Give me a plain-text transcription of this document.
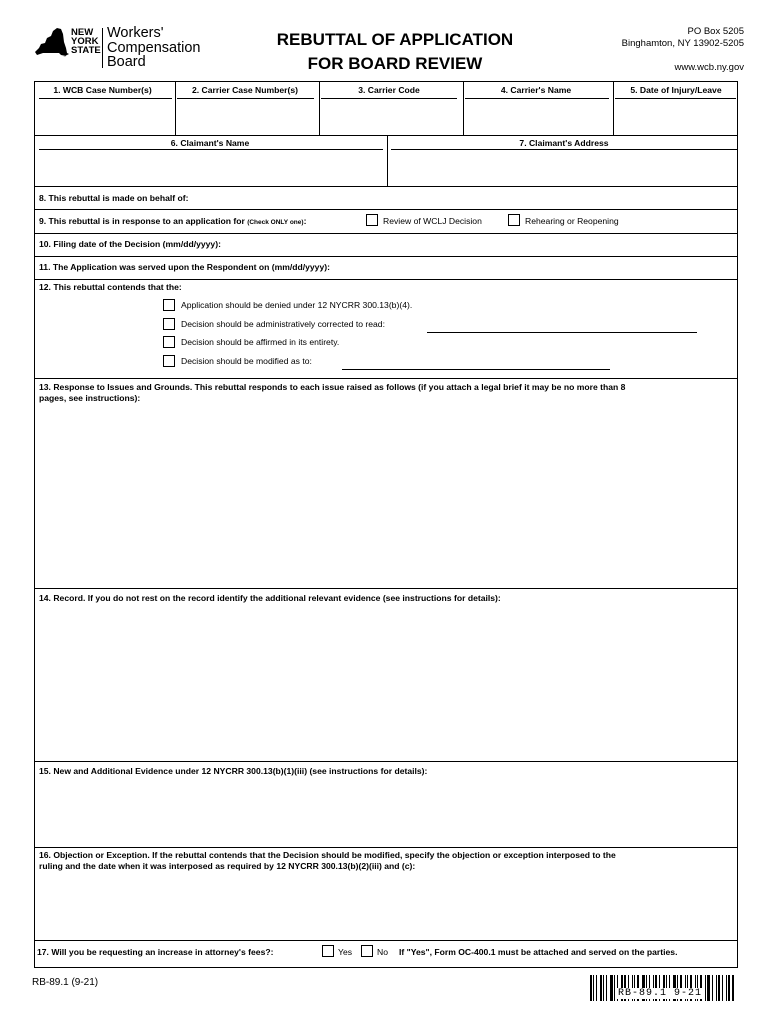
NEW
YORK
STATE
Workers'
Compensation
Board
REBUTTAL OF APPLICATION
FOR BOARD REVIEW
PO Box 5205
Binghamton, NY 13902-5205
www.wcb.ny.gov
1. WCB Case Number(s)	2. Carrier Case Number(s)	3. Carrier Code	4. Carrier's Name	5. Date of Injury/Leave
6. Claimant's Name	7. Claimant's Address
8. This rebuttal is made on behalf of:
9. This rebuttal is in response to an application for (Check ONLY one):	Review of WCLJ Decision	Rehearing or Reopening
10. Filing date of the Decision (mm/dd/yyyy):
11. The Application was served upon the Respondent on (mm/dd/yyyy):
12. This rebuttal contends that the:
Application should be denied under 12 NYCRR 300.13(b)(4).
Decision should be administratively corrected to read:
Decision should be affirmed in its entirety.
Decision should be modified as to:
13. Response to Issues and Grounds. This rebuttal responds to each issue raised as follows (if you attach a legal brief it may be no more than 8
pages, see instructions):
14. Record. If you do not rest on the record identify the additional relevant evidence (see instructions for details):
15. New and Additional Evidence under 12 NYCRR 300.13(b)(1)(iii) (see instructions for details):
16. Objection or Exception. If the rebuttal contends that the Decision should be modified, specify the objection or exception interposed to the
ruling and the date when it was interposed as required by 12 NYCRR 300.13(b)(2)(iii) and (c):
17. Will you be requesting an increase in attorney's fees?:	Yes	No If "Yes", Form OC-400.1 must be attached and served on the parties.
RB-89.1 (9-21)
RB-89.1 9-21
